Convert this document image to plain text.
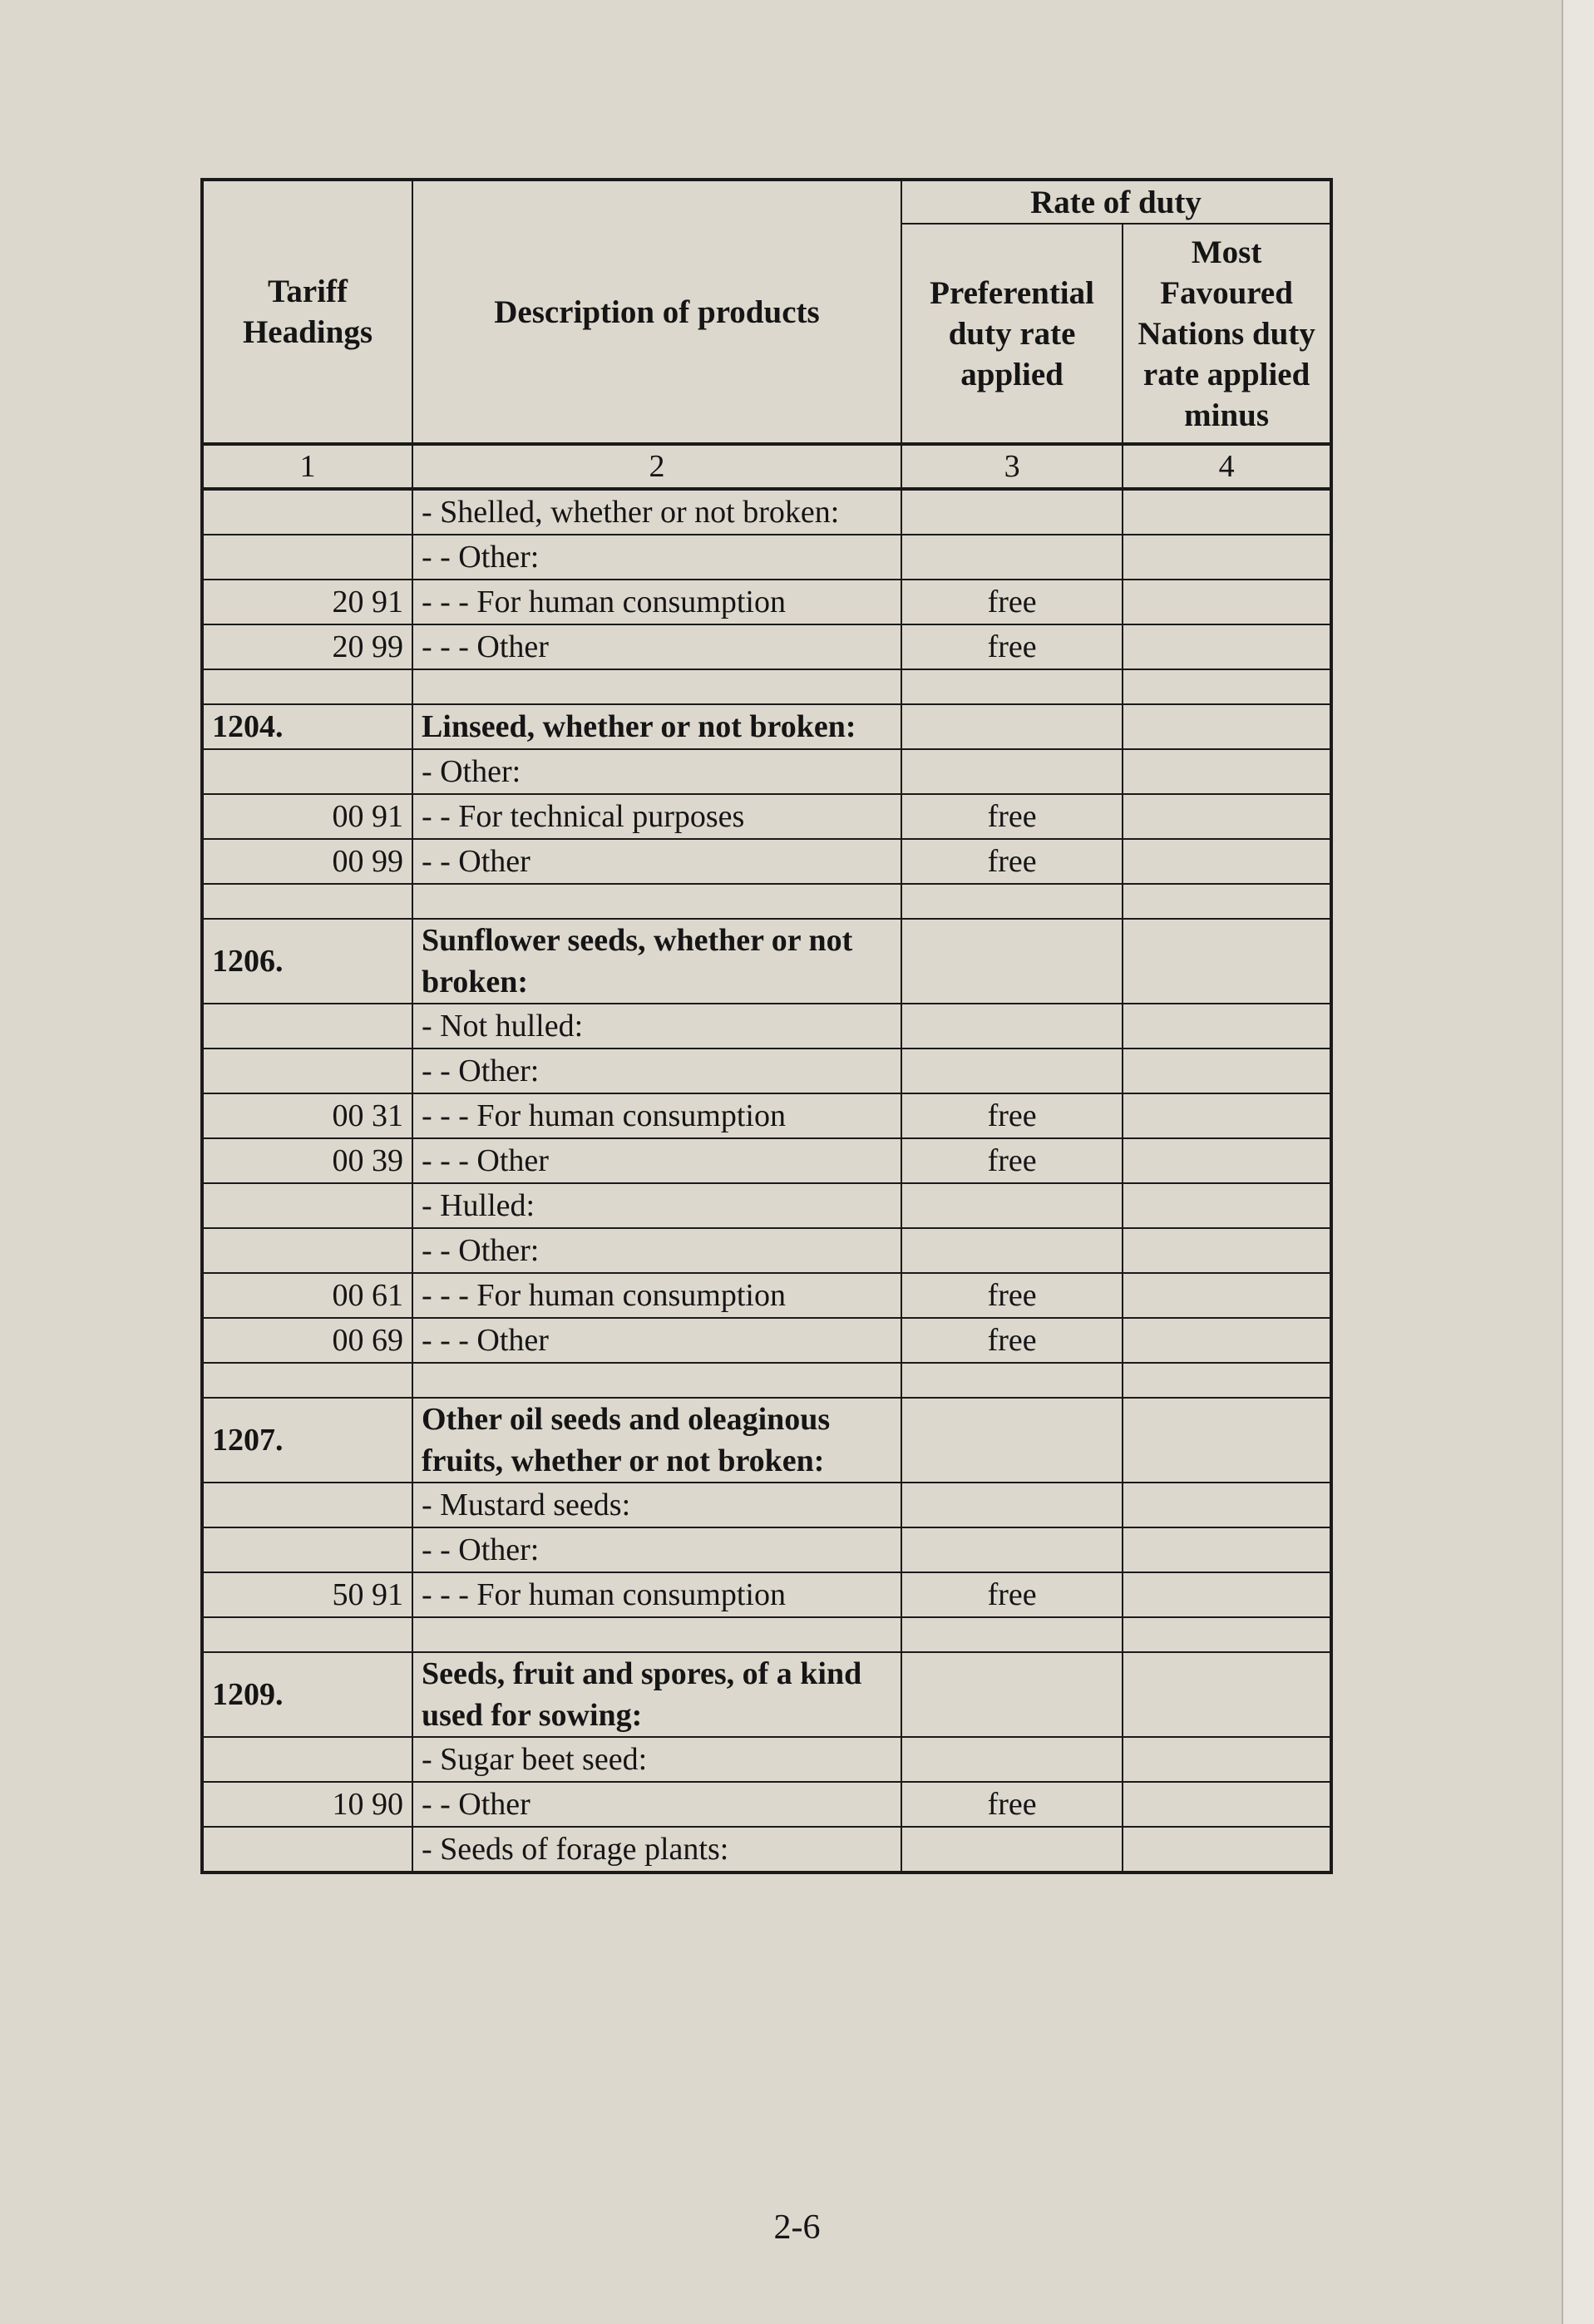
Tariff Headings	Description of products	Rate of duty	
		Preferential duty rate applied	Most Favoured Nations duty rate applied minus
1	2	3	4
	- Shelled, whether or not broken:		
	- - Other:		
20 91	- - - For human consumption	free	
20 99	- - - Other	free	

1204.	Linseed, whether or not broken:		
	- Other:		
00 91	- - For technical purposes	free	
00 99	- - Other	free	

1206.	Sunflower seeds, whether or not broken:		
	- Not hulled:		
	- - Other:		
00 31	- - - For human consumption	free	
00 39	- - - Other	free	
	- Hulled:		
	- - Other:		
00 61	- - - For human consumption	free	
00 69	- - - Other	free	

1207.	Other oil seeds and oleaginous fruits, whether or not broken:		
	- Mustard seeds:		
	- - Other:		
50 91	- - - For human consumption	free	

1209.	Seeds, fruit and spores, of a kind used for sowing:		
	- Sugar beet seed:		
10 90	- - Other	free	
	- Seeds of forage plants:		
2-6
